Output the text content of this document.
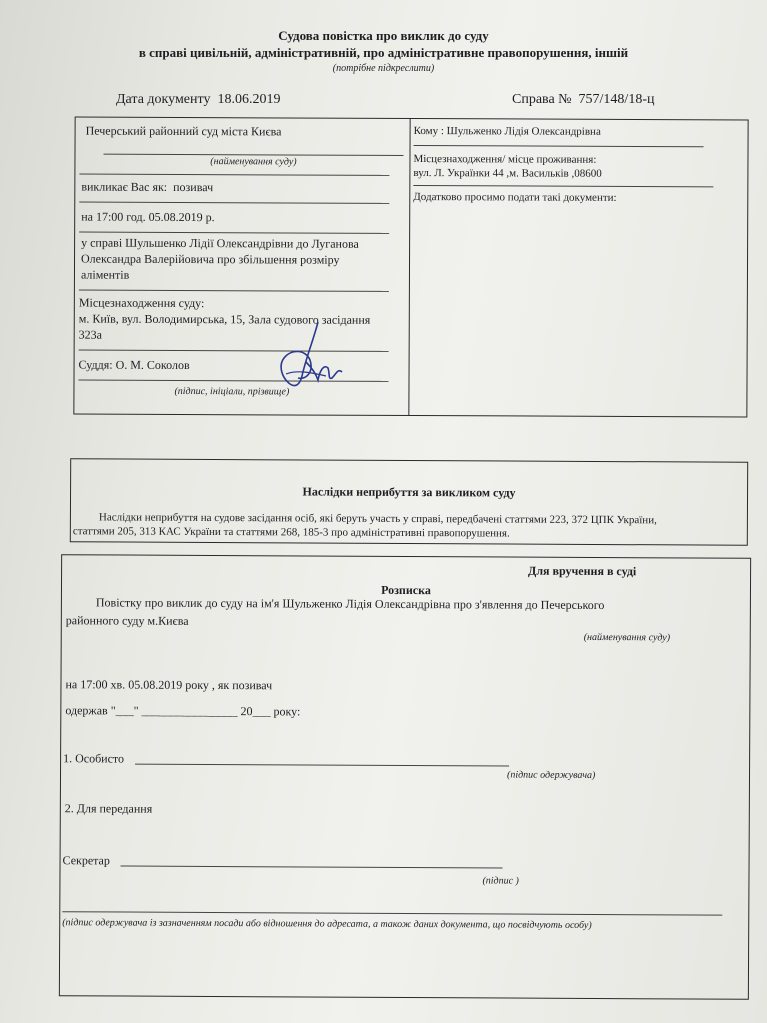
Судова повістка про виклик до суду
в справі цивільній, адміністративній, про адміністративне правопорушення, іншій
(потрібне підкреслити)
Дата документу 18.06.2019	Справа № 757/148/18-ц
Печерський районний суд міста Києва
(найменування суду)
викликає Вас як: позивач
на 17:00 год. 05.08.2019 р.
у справі Шульшенко Лідії Олександрівни до Луганова
Олександра Валерійовича про збільшення розміру
аліментів
Місцезнаходження суду:
м. Київ, вул. Володимирська, 15, Зала судового засідання
323а
Суддя: О. М. Соколов
(підпис, ініціали, прізвище)
Кому : Шульженко Лідія Олександрівна
Місцезнаходження/ місце проживання:
вул. Л. Українки 44 ,м. Васильків ,08600
Додатково просимо подати такі документи:
Наслідки неприбуття за викликом суду
Наслідки неприбуття на судове засідання осіб, які беруть участь у справі, передбачені статтями 223, 372 ЦПК України,
статтями 205, 313 КАС України та статтями 268, 185-3 про адміністративні правопорушення.
Для вручення в суді
Розписка
Повістку про виклик до суду на ім'я Шульженко Лідія Олександрівна про з'явлення до Печерського
районного суду м.Києва
(найменування суду)
на 17:00 хв. 05.08.2019 року , як позивач
одержав "___" ________________ 20___ року:
1. Особисто
(підпис одержувача)
2. Для передання
Секретар
(підпис )
(підпис одержувача із зазначенням посади або відношення до адресата, а також даних документа, що посвідчують особу)
